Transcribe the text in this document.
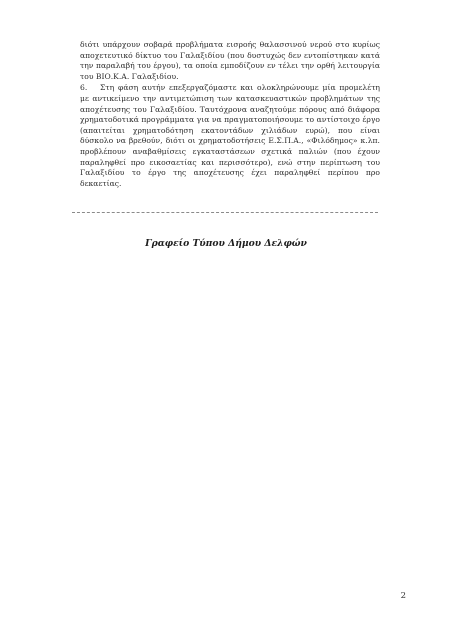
διότι υπάρχουν σοβαρά προβλήματα εισροής θαλασσινού νερού στο κυρίως αποχετευτικό δίκτυο του Γαλαξιδίου (που δυστυχώς δεν εντοπίστηκαν κατά την παραλαβή του έργου), τα οποία εμποδίζουν εν τέλει την ορθή λειτουργία του ΒΙΟ.Κ.Α. Γαλαξιδίου.

6. Στη φάση αυτήν επεξεργαζόμαστε και ολοκληρώνουμε μία προμελέτη με αντικείμενο την αντιμετώπιση των κατασκευαστικών προβλημάτων της αποχέτευσης του Γαλαξιδίου. Ταυτόχρονα αναζητούμε πόρους από διάφορα χρηματοδοτικά προγράμματα για να πραγματοποιήσουμε το αντίστοιχο έργο (απαιτείται χρηματοδότηση εκατοντάδων χιλιάδων ευρώ), που είναι δύσκολο να βρεθούν, διότι οι χρηματοδοτήσεις Ε.Σ.Π.Α., «Φιλόδημος» κ.λπ. προβλέπουν αναβαθμίσεις εγκαταστάσεων σχετικά παλιών (που έχουν παραληφθεί προ εικοσαετίας και περισσότερο), ενώ στην περίπτωση του Γαλαξιδίου το έργο της αποχέτευσης έχει παραληφθεί περίπου προ δεκαετίας.

Γραφείο Τύπου Δήμου Δελφών
2
